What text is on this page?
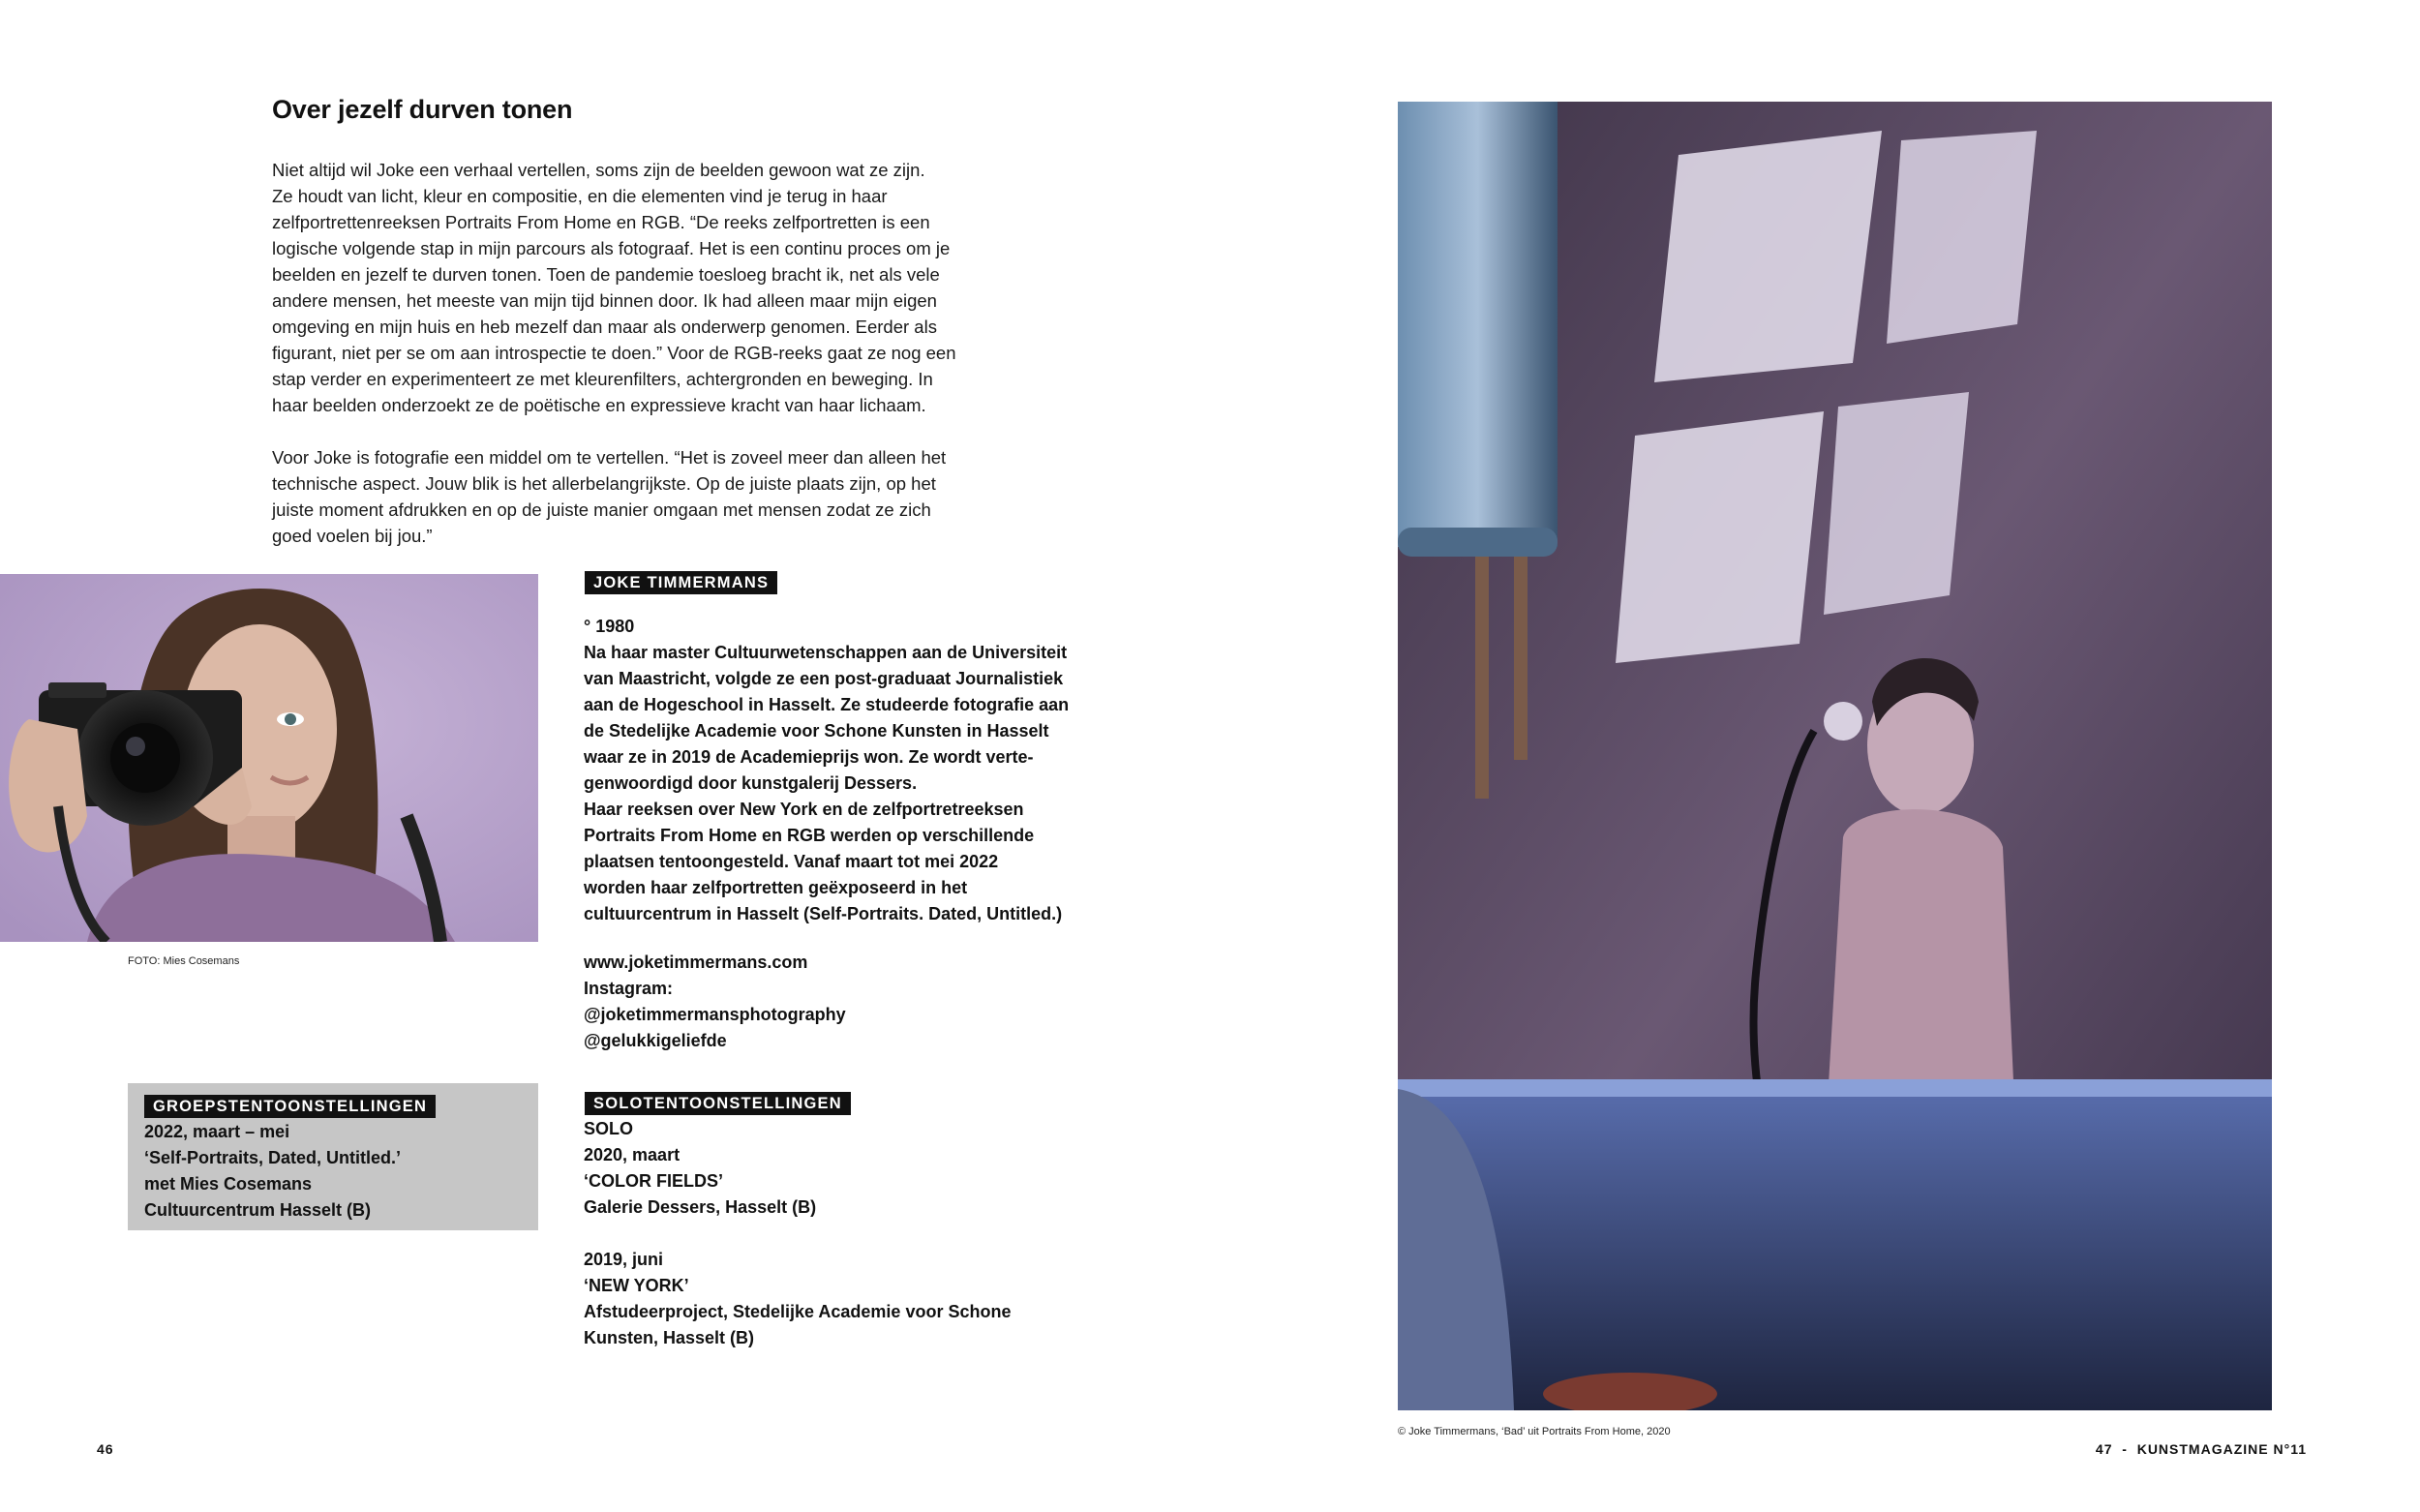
Over jezelf durven tonen
Niet altijd wil Joke een verhaal vertellen, soms zijn de beelden gewoon wat ze zijn.
Ze houdt van licht, kleur en compositie, en die elementen vind je terug in haar
zelfportrettenreeksen Portraits From Home en RGB. “De reeks zelfportretten is een
logische volgende stap in mijn parcours als fotograaf. Het is een continu proces om je
beelden en jezelf te durven tonen. Toen de pandemie toesloeg bracht ik, net als vele
andere mensen, het meeste van mijn tijd binnen door. Ik had alleen maar mijn eigen
omgeving en mijn huis en heb mezelf dan maar als onderwerp genomen. Eerder als
figurant, niet per se om aan introspectie te doen.” Voor de RGB-reeks gaat ze nog een
stap verder en experimenteert ze met kleurenfilters, achtergronden en beweging. In
haar beelden onderzoekt ze de poëtische en expressieve kracht van haar lichaam.
Voor Joke is fotografie een middel om te vertellen. “Het is zoveel meer dan alleen het
technische aspect. Jouw blik is het allerbelangrijkste. Op de juiste plaats zijn, op het
juiste moment afdrukken en op de juiste manier omgaan met mensen zodat ze zich
goed voelen bij jou.”
FOTO: Mies Cosemans
JOKE TIMMERMANS
° 1980
Na haar master Cultuurwetenschappen aan de Universiteit
van Maastricht, volgde ze een post-graduaat Journalistiek
aan de Hogeschool in Hasselt. Ze studeerde fotografie aan
de Stedelijke Academie voor Schone Kunsten in Hasselt
waar ze in 2019 de Academieprijs won. Ze wordt verte-
genwoordigd door kunstgalerij Dessers.
Haar reeksen over New York en de zelfportretreeksen
Portraits From Home en RGB werden op verschillende
plaatsen tentoongesteld. Vanaf maart tot mei 2022
worden haar zelfportretten geëxposeerd in het
cultuurcentrum in Hasselt (Self-Portraits. Dated, Untitled.)
www.joketimmermans.com
Instagram:
@joketimmermansphotography
@gelukkigeliefde
GROEPSTENTOONSTELLINGEN
2022, maart – mei
‘Self-Portraits, Dated, Untitled.’
met Mies Cosemans
Cultuurcentrum Hasselt (B)
SOLOTENTOONSTELLINGEN
SOLO
2020, maart
‘COLOR FIELDS’
Galerie Dessers, Hasselt (B)
2019, juni
‘NEW YORK’
Afstudeerproject, Stedelijke Academie voor Schone
Kunsten, Hasselt (B)
© Joke Timmermans, ‘Bad’ uit Portraits From Home, 2020
46	47  -  KUNSTMAGAZINE N°11
